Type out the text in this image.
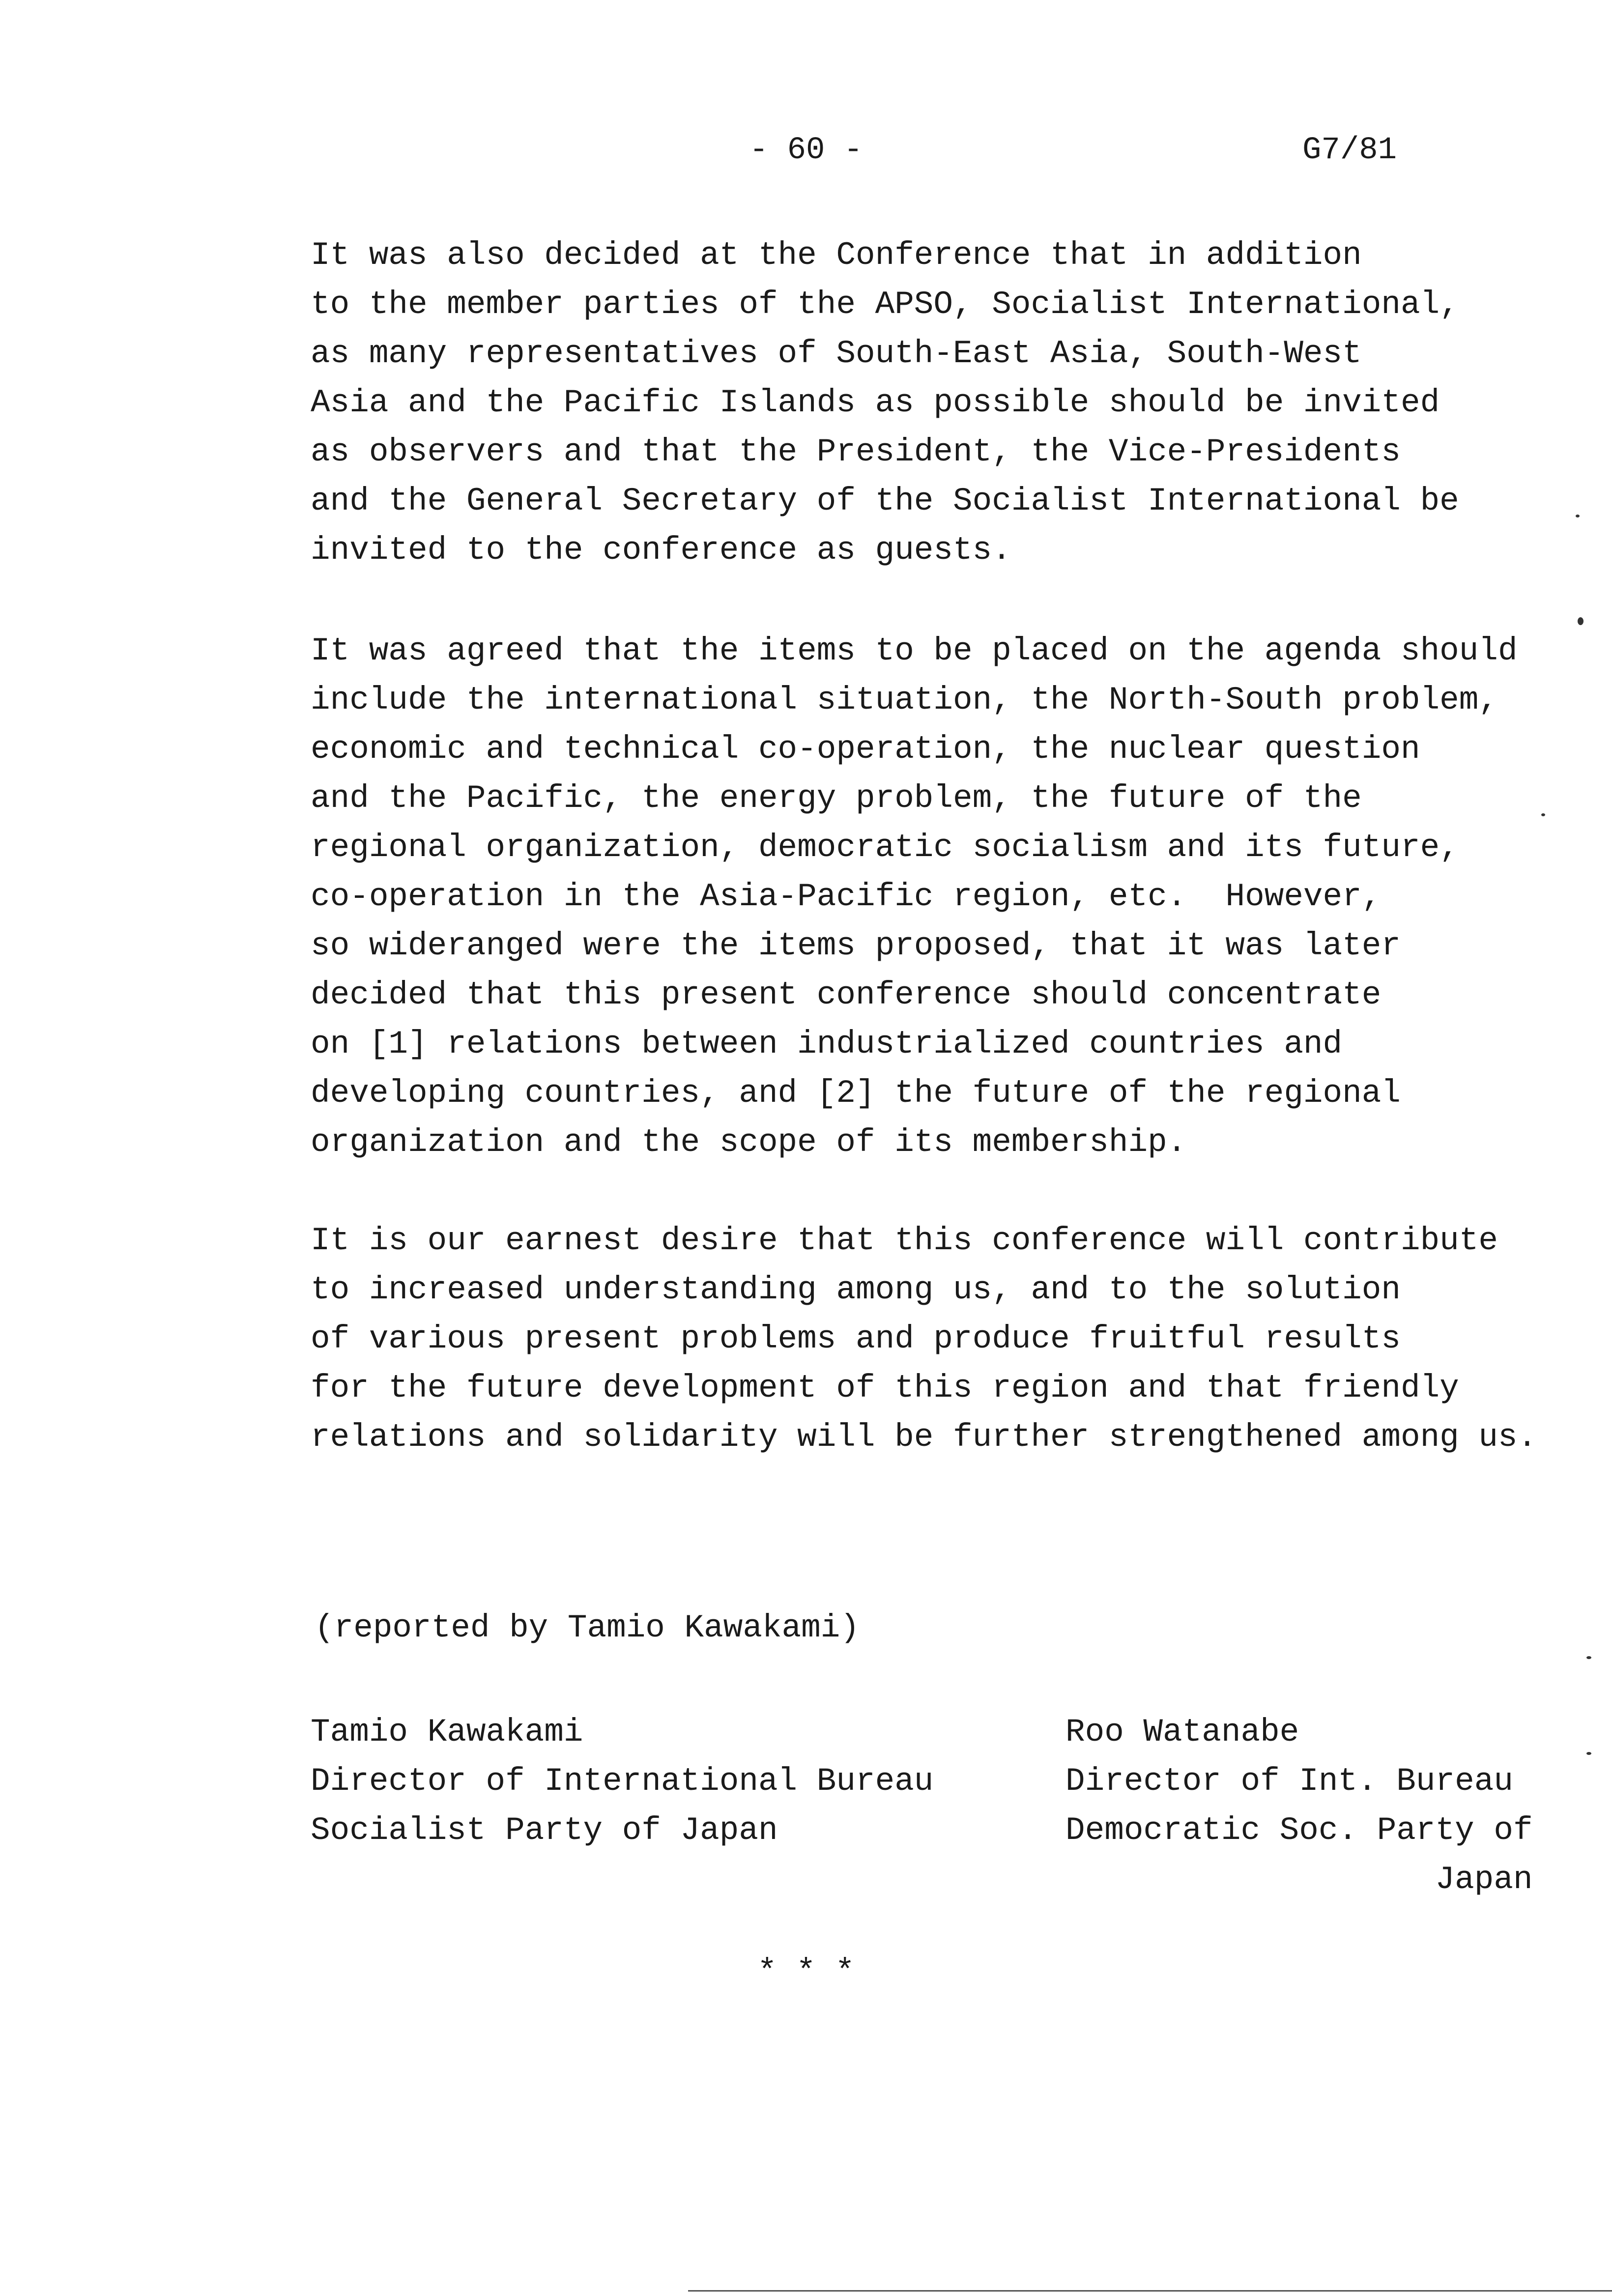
- 60 -	G7/81
It was also decided at the Conference that in addition
to the member parties of the APSO, Socialist International,
as many representatives of South-East Asia, South-West
Asia and the Pacific Islands as possible should be invited
as observers and that the President, the Vice-Presidents
and the General Secretary of the Socialist International be
invited to the conference as guests.
It was agreed that the items to be placed on the agenda should
include the international situation, the North-South problem,
economic and technical co-operation, the nuclear question
and the Pacific, the energy problem, the future of the
regional organization, democratic socialism and its future,
co-operation in the Asia-Pacific region, etc.  However,
so wideranged were the items proposed, that it was later
decided that this present conference should concentrate
on [1] relations between industrialized countries and
developing countries, and [2] the future of the regional
organization and the scope of its membership.
It is our earnest desire that this conference will contribute
to increased understanding among us, and to the solution
of various present problems and produce fruitful results
for the future development of this region and that friendly
relations and solidarity will be further strengthened among us.
(reported by Tamio Kawakami)
Tamio Kawakami
Director of International Bureau
Socialist Party of Japan
Roo Watanabe
Director of Int. Bureau
Democratic Soc. Party of
Japan
* * *
